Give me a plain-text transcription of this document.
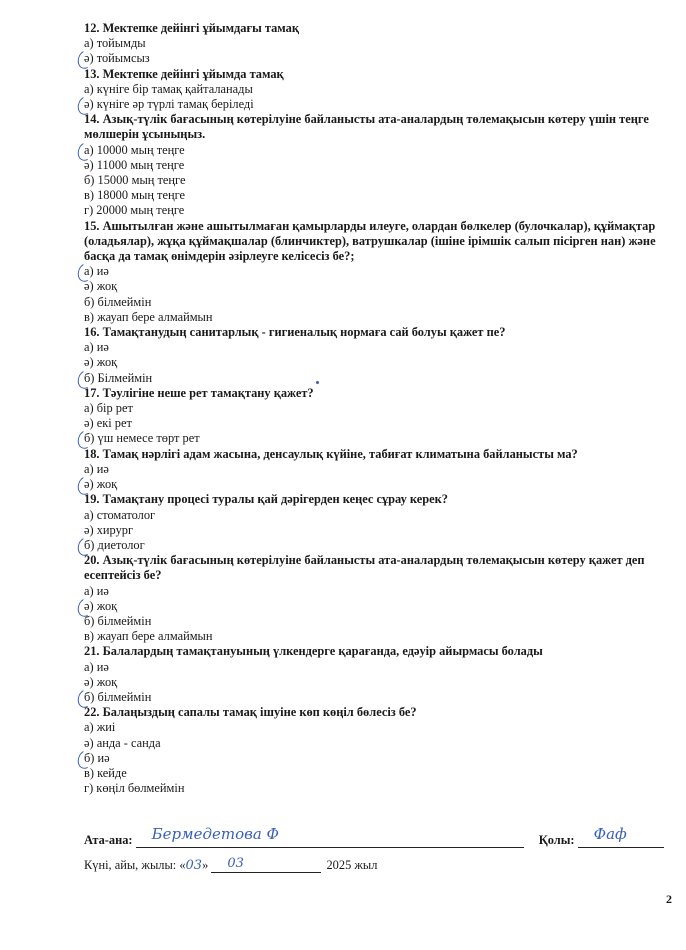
12. Мектепке дейінгі ұйымдағы тамақ
а) тойымды
ә) тойымсыз
13. Мектепке дейінгі ұйымда тамақ
а) күнiге бір тамақ қайталанады
ә) күнiге әр түрлі тамақ беріледі
14. Азық-түлік бағасының көтерілуіне байланысты ата-аналардың төлемақысын көтеру үшін теңге мөлшерін ұсыныңыз.
а) 10000 мың теңге
ә) 11000 мың теңге
б) 15000 мың теңге
в) 18000 мың теңге
г) 20000 мың теңге
15. Ашытылған және ашытылмаған қамырларды илеуге, олардан бөлкелер (булочкалар), құймақтар (оладьялар), жұқа құймақшалар (блинчиктер), ватрушкалар (ішіне ірімшік салып пісірген нан) және басқа да тамақ өнімдерін әзірлеуге келісесіз бе?;
а) иә
ә) жоқ
б) білмеймін
в) жауап бере алмаймын
16. Тамақтанудың санитарлық - гигиеналық нормаға сай болуы қажет пе?
а) иә
ә) жоқ
б) Білмеймін
17. Тәулігіне неше рет тамақтану қажет?
а) бір рет
ә) екі рет
б) үш немесе төрт рет
18. Тамақ нәрлігі адам жасына, денсаулық күйіне, табиғат климатына байланысты ма?
а) иә
ә) жоқ
19. Тамақтану процесі туралы қай дәрігерден кеңес сұрау керек?
а) стоматолог
ә) хирург
б) диетолог
20. Азық-түлік бағасының көтерілуіне байланысты ата-аналардың төлемақысын көтеру қажет деп есептейсіз бе?
а) иә
ә) жоқ
б) білмеймін
в) жауап бере алмаймын
21. Балалардың тамақтануының үлкендерге қарағанда, едәуір айырмасы болады
а) иә
ә) жоқ
б) білмеймін
22. Балаңыздың сапалы тамақ ішуіне көп көңіл бөлесіз бе?
а) жиі
ә) анда - санда
б) иә
в) кейде
г) көңіл бөлмеймін
Ата-ана: Бермедетова Ф	Қолы: Фаф
Күні, айы, жылы: «03» 03	2025 жыл
2
